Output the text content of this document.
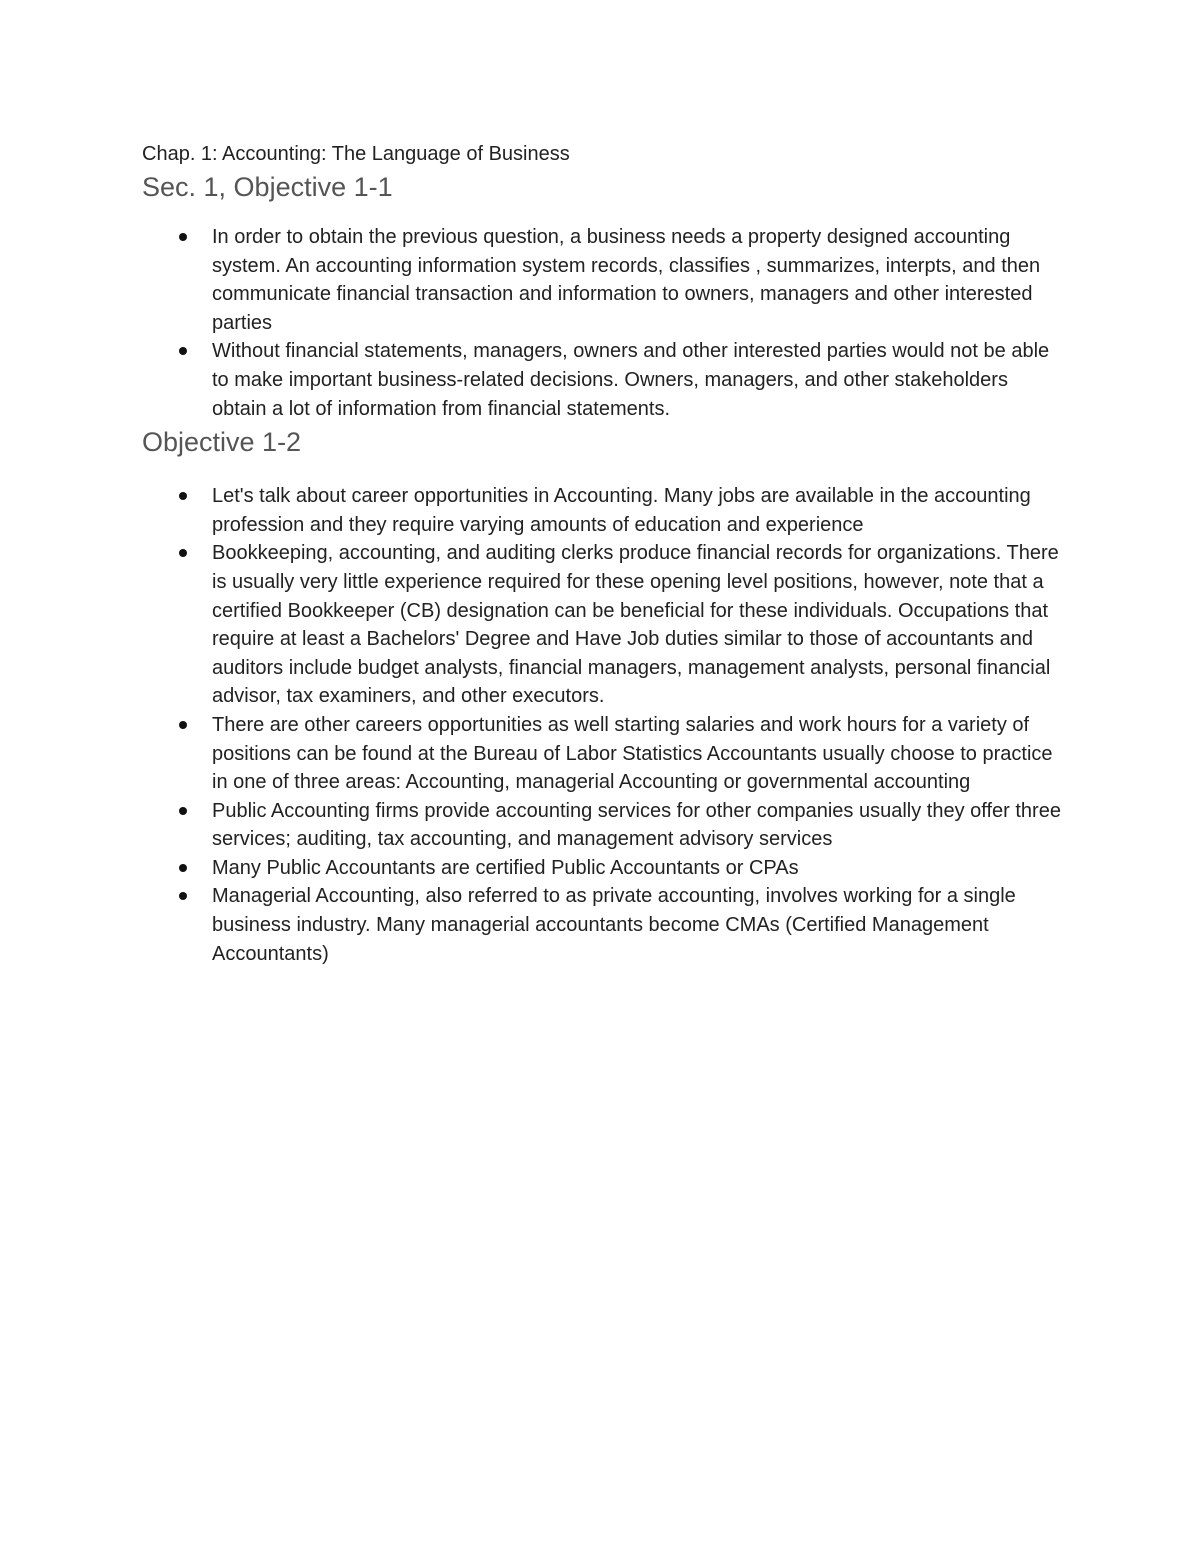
Chap. 1: Accounting: The Language of Business

Sec. 1, Objective 1-1
In order to obtain the previous question, a business needs a property designed accounting system. An accounting information system records, classifies , summarizes, interpts, and then communicate financial transaction and information to owners, managers and other interested parties
Without financial statements, managers, owners and other interested parties would not be able to make important business-related decisions. Owners, managers, and other stakeholders obtain a lot of information from financial statements.
Objective 1-2
Let's talk about career opportunities in Accounting. Many jobs are available in the accounting profession and they require varying amounts of education and experience
Bookkeeping, accounting, and auditing clerks produce financial records for organizations. There is usually very little experience required for these opening level positions, however, note that a certified Bookkeeper (CB) designation can be beneficial for these individuals. Occupations that require at least a Bachelors' Degree and Have Job duties similar to those of accountants and auditors include budget analysts, financial managers, management analysts, personal financial advisor, tax examiners, and other executors.
There are other careers opportunities as well starting salaries and work hours for a variety of positions can be found at the Bureau of Labor Statistics Accountants usually choose to practice in one of three areas: Accounting, managerial Accounting or governmental accounting
Public Accounting firms provide accounting services for other companies usually they offer three services; auditing, tax accounting, and management advisory services
Many Public Accountants are certified Public Accountants or CPAs
Managerial Accounting, also referred to as private accounting, involves working for a single business industry. Many managerial accountants become CMAs (Certified Management Accountants)
